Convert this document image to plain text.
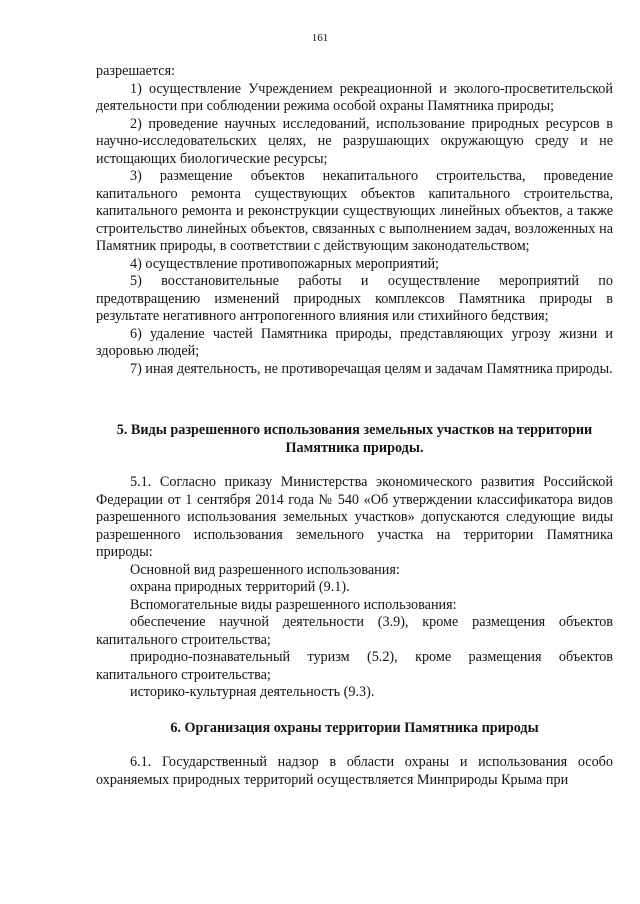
161

разрешается:

1) осуществление Учреждением рекреационной и эколого-просветительской деятельности при соблюдении режима особой охраны Памятника природы;

2) проведение научных исследований, использование природных ресурсов в научно-исследовательских целях, не разрушающих окружающую среду и не истощающих биологические ресурсы;

3) размещение объектов некапитального строительства, проведение капитального ремонта существующих объектов капитального строительства, капитального ремонта и реконструкции существующих линейных объектов, а также строительство линейных объектов, связанных с выполнением задач, возложенных на Памятник природы, в соответствии с действующим законодательством;

4) осуществление противопожарных мероприятий;

5) восстановительные работы и осуществление мероприятий по предотвращению изменений природных комплексов Памятника природы в результате негативного антропогенного влияния или стихийного бедствия;

6) удаление частей Памятника природы, представляющих угрозу жизни и здоровью людей;

7) иная деятельность, не противоречащая целям и задачам Памятника природы.

5. Виды разрешенного использования земельных участков на территории Памятника природы.

5.1. Согласно приказу Министерства экономического развития Российской Федерации от 1 сентября 2014 года № 540 «Об утверждении классификатора видов разрешенного использования земельных участков» допускаются следующие виды разрешенного использования земельного участка на территории Памятника природы:

Основной вид разрешенного использования:

охрана природных территорий (9.1).

Вспомогательные виды разрешенного использования:

обеспечение научной деятельности (3.9), кроме размещения объектов капитального строительства;

природно-познавательный туризм (5.2), кроме размещения объектов капитального строительства;

историко-культурная деятельность (9.3).

6. Организация охраны территории Памятника природы

6.1. Государственный надзор в области охраны и использования особо охраняемых природных территорий осуществляется Минприроды Крыма при
